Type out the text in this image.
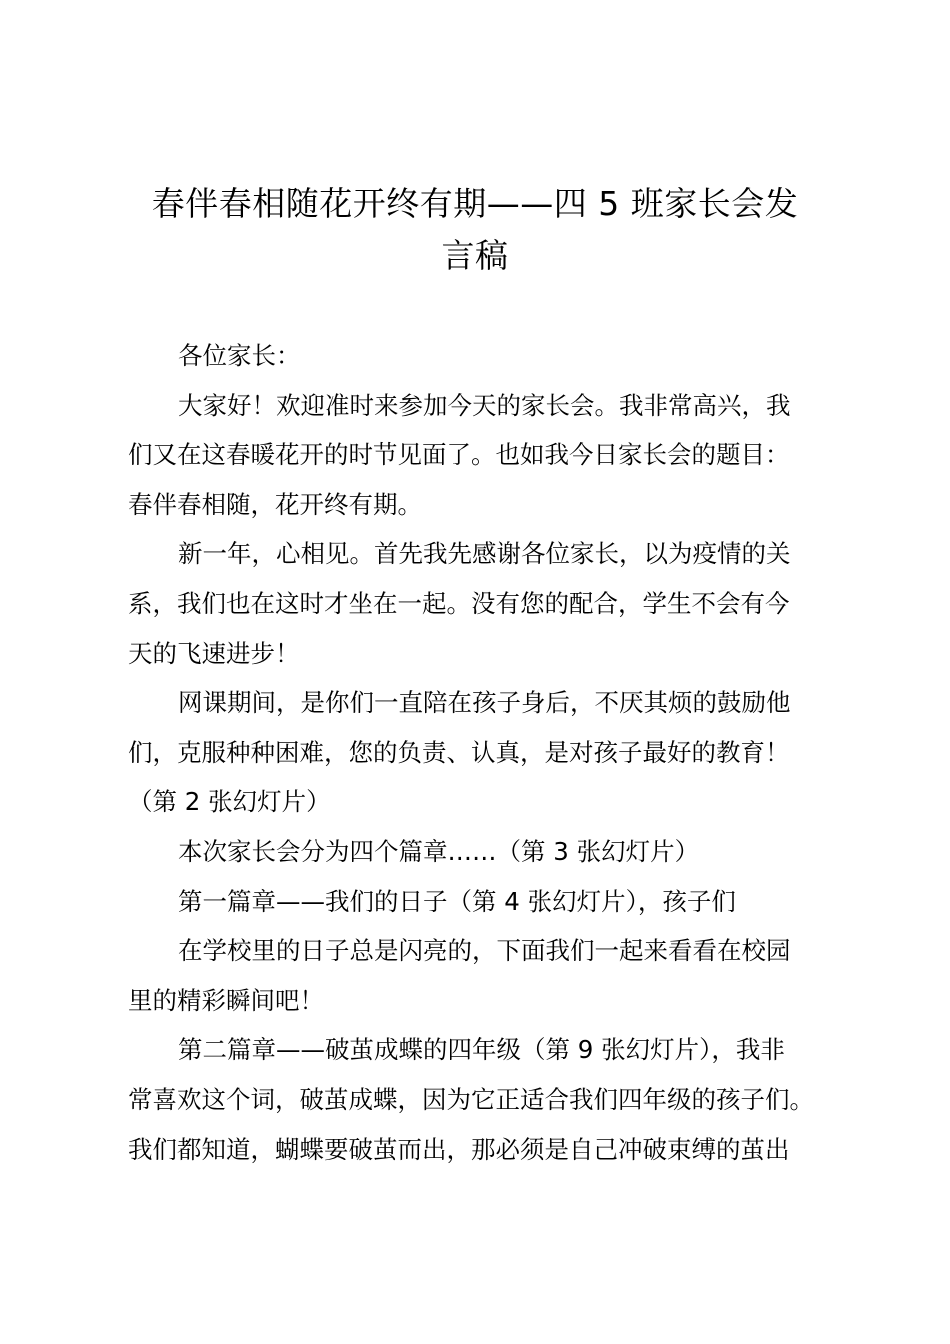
春伴春相随花开终有期——四 5 班家长会发
言稿

各位家长：

大家好！欢迎准时来参加今天的家长会。我非常高兴，我
们又在这春暖花开的时节见面了。也如我今日家长会的题目：
春伴春相随，花开终有期。

新一年，心相见。首先我先感谢各位家长，以为疫情的关
系，我们也在这时才坐在一起。没有您的配合，学生不会有今
天的飞速进步！

网课期间，是你们一直陪在孩子身后，不厌其烦的鼓励他
们，克服种种困难，您的负责、认真，是对孩子最好的教育！
（第 2 张幻灯片）

本次家长会分为四个篇章……（第 3 张幻灯片）

第一篇章——我们的日子（第 4 张幻灯片），孩子们

在学校里的日子总是闪亮的，下面我们一起来看看在校园
里的精彩瞬间吧！

第二篇章——破茧成蝶的四年级（第 9 张幻灯片），我非
常喜欢这个词，破茧成蝶，因为它正适合我们四年级的孩子们。
我们都知道，蝴蝶要破茧而出，那必须是自己冲破束缚的茧出
